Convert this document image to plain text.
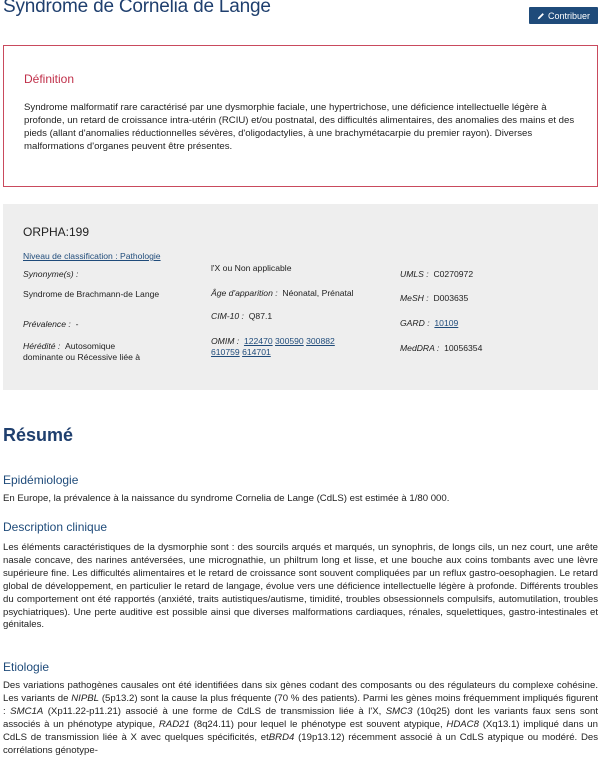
Syndrome de Cornelia de Lange	Contribuer
Définition
Syndrome malformatif rare caractérisé par une dysmorphie faciale, une hypertrichose, une déficience intellectuelle légère à profonde, un retard de croissance intra-utérin (RCIU) et/ou postnatal, des difficultés alimentaires, des anomalies des mains et des pieds (allant d'anomalies réductionnelles sévères, d'oligodactylies, à une brachymétacarpie du premier rayon). Diverses malformations d'organes peuvent être présentes.
ORPHA:199
Niveau de classification : Pathologie
Synonyme(s) :
Syndrome de Brachmann-de Lange
Prévalence : -
Hérédité : Autosomique
dominante ou Récessive liée à
l'X ou Non applicable
Âge d'apparition : Néonatal, Prénatal
CIM-10 : Q87.1
OMIM : 122470 300590 300882
610759 614701
UMLS : C0270972
MeSH : D003635
GARD : 10109
MedDRA : 10056354
Résumé
Epidémiologie
En Europe, la prévalence à la naissance du syndrome Cornelia de Lange (CdLS) est estimée à 1/80 000.
Description clinique
Les éléments caractéristiques de la dysmorphie sont : des sourcils arqués et marqués, un synophris, de longs cils, un nez court, une arête nasale concave, des narines antéversées, une micrognathie, un philtrum long et lisse, et une bouche aux coins tombants avec une lèvre supérieure fine. Les difficultés alimentaires et le retard de croissance sont souvent compliquées par un reflux gastro-oesophagien. Le retard global de développement, en particulier le retard de langage, évolue vers une déficience intellectuelle légère à profonde. Différents troubles du comportement ont été rapportés (anxiété, traits autistiques/autisme, timidité, troubles obsessionnels compulsifs, automutilation, troubles psychiatriques). Une perte auditive est possible ainsi que diverses malformations cardiaques, rénales, squelettiques, gastro-intestinales et génitales.
Etiologie
Des variations pathogènes causales ont été identifiées dans six gènes codant des composants ou des régulateurs du complexe cohésine. Les variants de NIPBL (5p13.2) sont la cause la plus fréquente (70 % des patients). Parmi les gènes moins fréquemment impliqués figurent : SMC1A (Xp11.22-p11.21) associé à une forme de CdLS de transmission liée à l'X, SMC3 (10q25) dont les variants faux sens sont associés à un phénotype atypique, RAD21 (8q24.11) pour lequel le phénotype est souvent atypique, HDAC8 (Xq13.1) impliqué dans un CdLS de transmission liée à X avec quelques spécificités, etBRD4 (19p13.12) récemment associé à un CdLS atypique ou modéré. Des corrélations génotype-
